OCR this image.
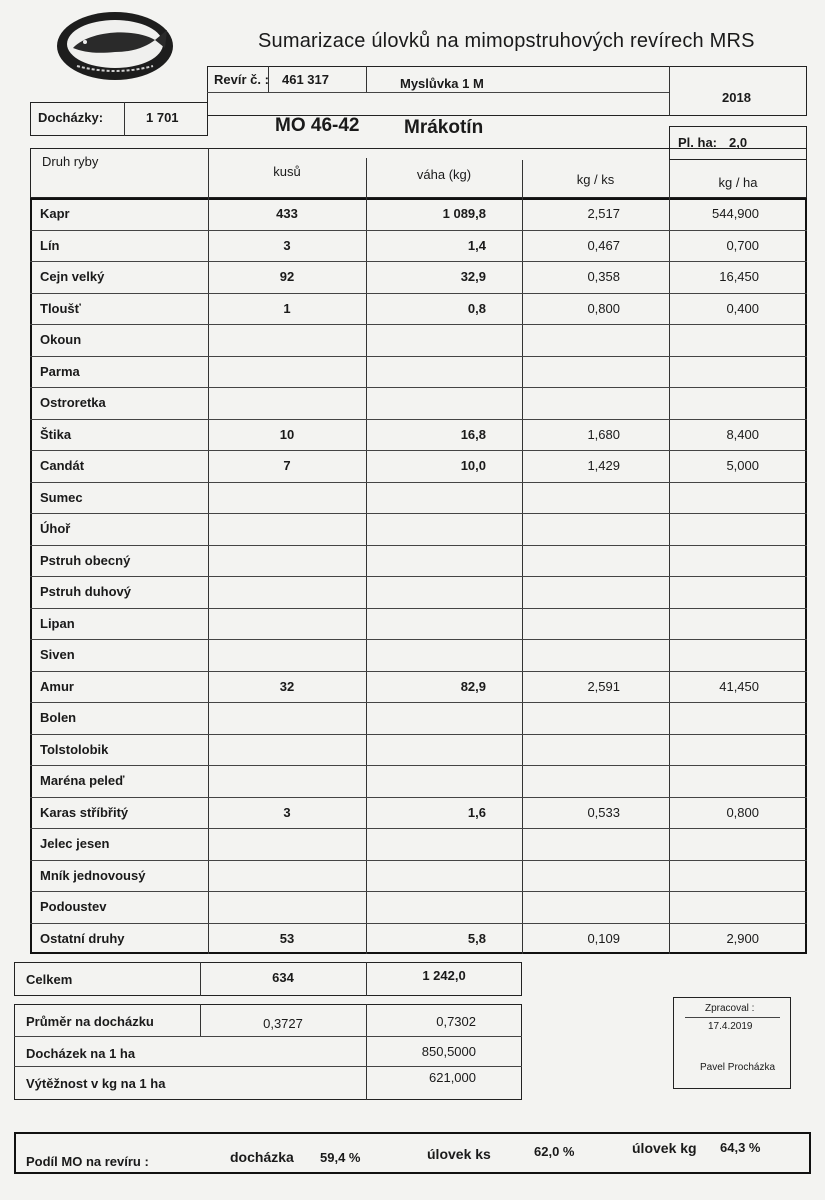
Sumarizace úlovků na mimopstruhových revírech MRS
Revír č. : 461 317	Myslůvka 1 M
2018
Docházky:	1 701	MO 46-42 Mrákotín
Pl. ha: 2,0
Druh ryby
kusů	váha (kg)	kg / ks	kg / ha
Celkem	634	1 242,0
Průměr na docházku	0,3727	0,7302
Docházek na 1 ha	850,5000
Výtěžnost v kg na 1 ha	621,000
Zpracoval :
17.4.2019
Pavel Procházka
Podíl MO na revíru :	docházka 59,4 %	úlovek ks	62,0 %	úlovek kg 64,3 %
Kapr	433	1 089,8	2,517	544,900
Lín	3	1,4	0,467	0,700
Cejn velký	92	32,9	0,358	16,450
Tloušť	1	0,8	0,800	0,400
Okoun
Parma
Ostroretka
Štika	10	16,8	1,680	8,400
Candát	7	10,0	1,429	5,000
Sumec
Úhoř
Pstruh obecný
Pstruh duhový
Lipan
Siven
Amur	32	82,9	2,591	41,450
Bolen
Tolstolobik
Maréna peleď
Karas stříbřitý	3	1,6	0,533	0,800
Jelec jesen
Mník jednovousý
Podoustev
Ostatní druhy	53	5,8	0,109	2,900
